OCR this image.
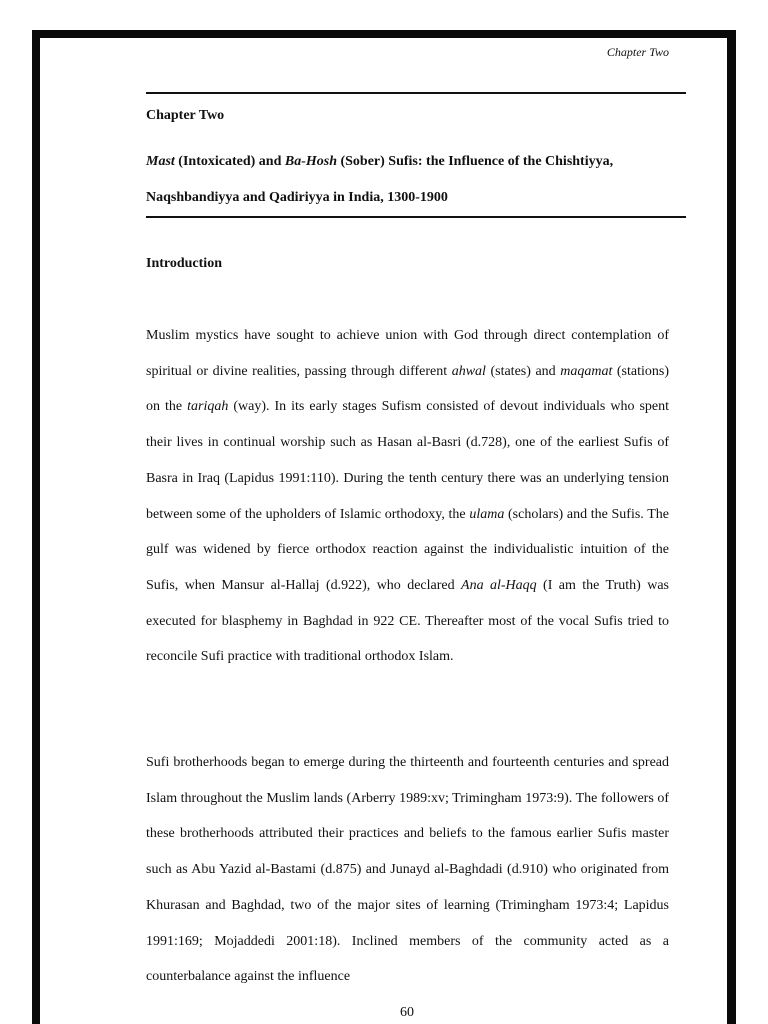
Chapter Two
Chapter Two
Mast (Intoxicated) and Ba-Hosh (Sober) Sufis: the Influence of the Chishtiyya, Naqshbandiyya and Qadiriyya in India, 1300-1900
Introduction
Muslim mystics have sought to achieve union with God through direct contemplation of spiritual or divine realities, passing through different ahwal (states) and maqamat (stations) on the tariqah (way). In its early stages Sufism consisted of devout individuals who spent their lives in continual worship such as Hasan al-Basri (d.728), one of the earliest Sufis of Basra in Iraq (Lapidus 1991:110). During the tenth century there was an underlying tension between some of the upholders of Islamic orthodoxy, the ulama (scholars) and the Sufis. The gulf was widened by fierce orthodox reaction against the individualistic intuition of the Sufis, when Mansur al-Hallaj (d.922), who declared Ana al-Haqq (I am the Truth) was executed for blasphemy in Baghdad in 922 CE. Thereafter most of the vocal Sufis tried to reconcile Sufi practice with traditional orthodox Islam.
Sufi brotherhoods began to emerge during the thirteenth and fourteenth centuries and spread Islam throughout the Muslim lands (Arberry 1989:xv; Trimingham 1973:9). The followers of these brotherhoods attributed their practices and beliefs to the famous earlier Sufis master such as Abu Yazid al-Bastami (d.875) and Junayd al-Baghdadi (d.910) who originated from Khurasan and Baghdad, two of the major sites of learning (Trimingham 1973:4; Lapidus 1991:169; Mojaddedi 2001:18). Inclined members of the community acted as a counterbalance against the influence
60
